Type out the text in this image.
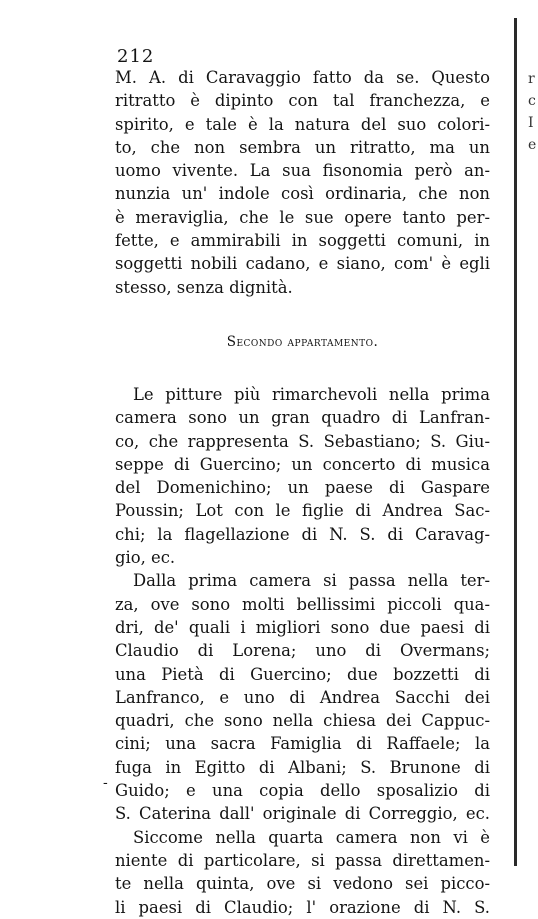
212
M. A. di Caravaggio fatto da se. Questo
ritratto è dipinto con tal franchezza, e
spirito, e tale è la natura del suo colori-
to, che non sembra un ritratto, ma un
uomo vivente. La sua fisonomia però an-
nunzia un' indole così ordinaria, che non
è meraviglia, che le sue opere tanto per-
fette, e ammirabili in soggetti comuni, in
soggetti nobili cadano, e siano, com' è egli
stesso, senza dignità.
Secondo appartamento.
Le pitture più rimarchevoli nella prima
camera sono un gran quadro di Lanfran-
co, che rappresenta S. Sebastiano; S. Giu-
seppe di Guercino; un concerto di musica
del Domenichino; un paese di Gaspare
Poussin; Lot con le figlie di Andrea Sac-
chi; la flagellazione di N. S. di Caravag-
gio, ec.
Dalla prima camera si passa nella ter-
za, ove sono molti bellissimi piccoli qua-
dri, de' quali i migliori sono due paesi di
Claudio di Lorena; uno di Overmans;
una Pietà di Guercino; due bozzetti di
Lanfranco, e uno di Andrea Sacchi dei
quadri, che sono nella chiesa dei Cappuc-
cini; una sacra Famiglia di Raffaele; la
fuga in Egitto di Albani; S. Brunone di
Guido; e una copia dello sposalizio di
S. Caterina dall' originale di Correggio, ec.
Siccome nella quarta camera non vi è
niente di particolare, si passa direttamen-
te nella quinta, ove si vedono sei picco-
li paesi di Claudio; l' orazione di N. S.
-
r
c
I
e
